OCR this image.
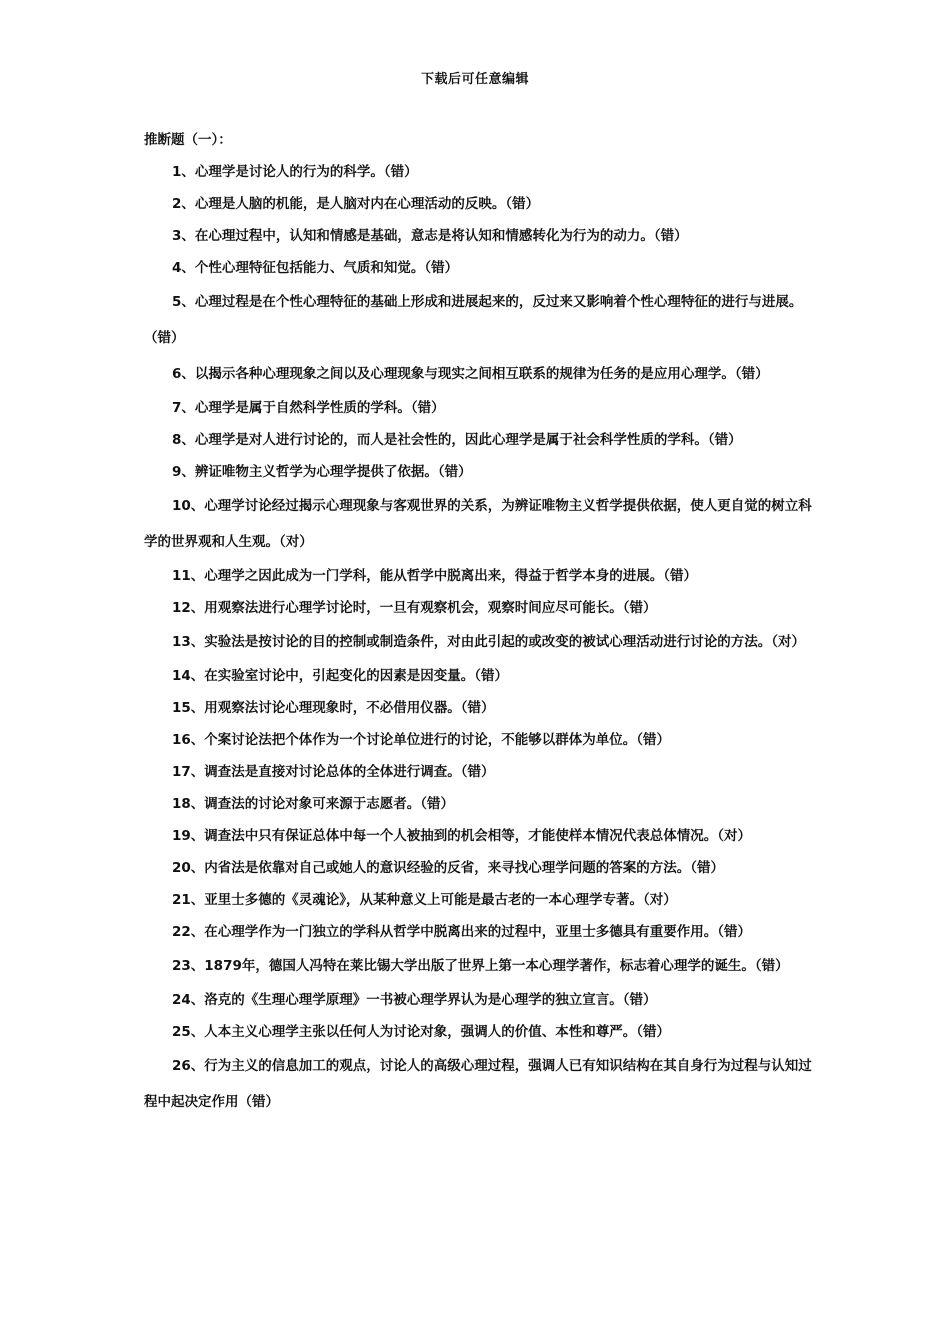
下载后可任意编辑
推断题（一）：
1、心理学是讨论人的行为的科学。（错）
2、心理是人脑的机能，是人脑对内在心理活动的反映。（错）
3、在心理过程中，认知和情感是基础，意志是将认知和情感转化为行为的动力。（错）
4、个性心理特征包括能力、气质和知觉。（错）
5、心理过程是在个性心理特征的基础上形成和进展起来的，反过来又影响着个性心理特征的进行与进展。（错）
6、以揭示各种心理现象之间以及心理现象与现实之间相互联系的规律为任务的是应用心理学。（错）
7、心理学是属于自然科学性质的学科。（错）
8、心理学是对人进行讨论的，而人是社会性的，因此心理学是属于社会科学性质的学科。（错）
9、辨证唯物主义哲学为心理学提供了依据。（错）
10、心理学讨论经过揭示心理现象与客观世界的关系，为辨证唯物主义哲学提供依据，使人更自觉的树立科学的世界观和人生观。（对）
11、心理学之因此成为一门学科，能从哲学中脱离出来，得益于哲学本身的进展。（错）
12、用观察法进行心理学讨论时，一旦有观察机会，观察时间应尽可能长。（错）
13、实验法是按讨论的目的控制或制造条件，对由此引起的或改变的被试心理活动进行讨论的方法。（对）
14、在实验室讨论中，引起变化的因素是因变量。（错）
15、用观察法讨论心理现象时，不必借用仪器。（错）
16、个案讨论法把个体作为一个讨论单位进行的讨论，不能够以群体为单位。（错）
17、调查法是直接对讨论总体的全体进行调查。（错）
18、调查法的讨论对象可来源于志愿者。（错）
19、调查法中只有保证总体中每一个人被抽到的机会相等，才能使样本情况代表总体情况。（对）
20、内省法是依靠对自己或她人的意识经验的反省，来寻找心理学问题的答案的方法。（错）
21、亚里士多德的《灵魂论》，从某种意义上可能是最古老的一本心理学专著。（对）
22、在心理学作为一门独立的学科从哲学中脱离出来的过程中，亚里士多德具有重要作用。（错）
23、1879年，德国人冯特在莱比锡大学出版了世界上第一本心理学著作，标志着心理学的诞生。（错）
24、洛克的《生理心理学原理》一书被心理学界认为是心理学的独立宣言。（错）
25、人本主义心理学主张以任何人为讨论对象，强调人的价值、本性和尊严。（错）
26、行为主义的信息加工的观点，讨论人的高级心理过程，强调人已有知识结构在其自身行为过程与认知过程中起决定作用（错）
